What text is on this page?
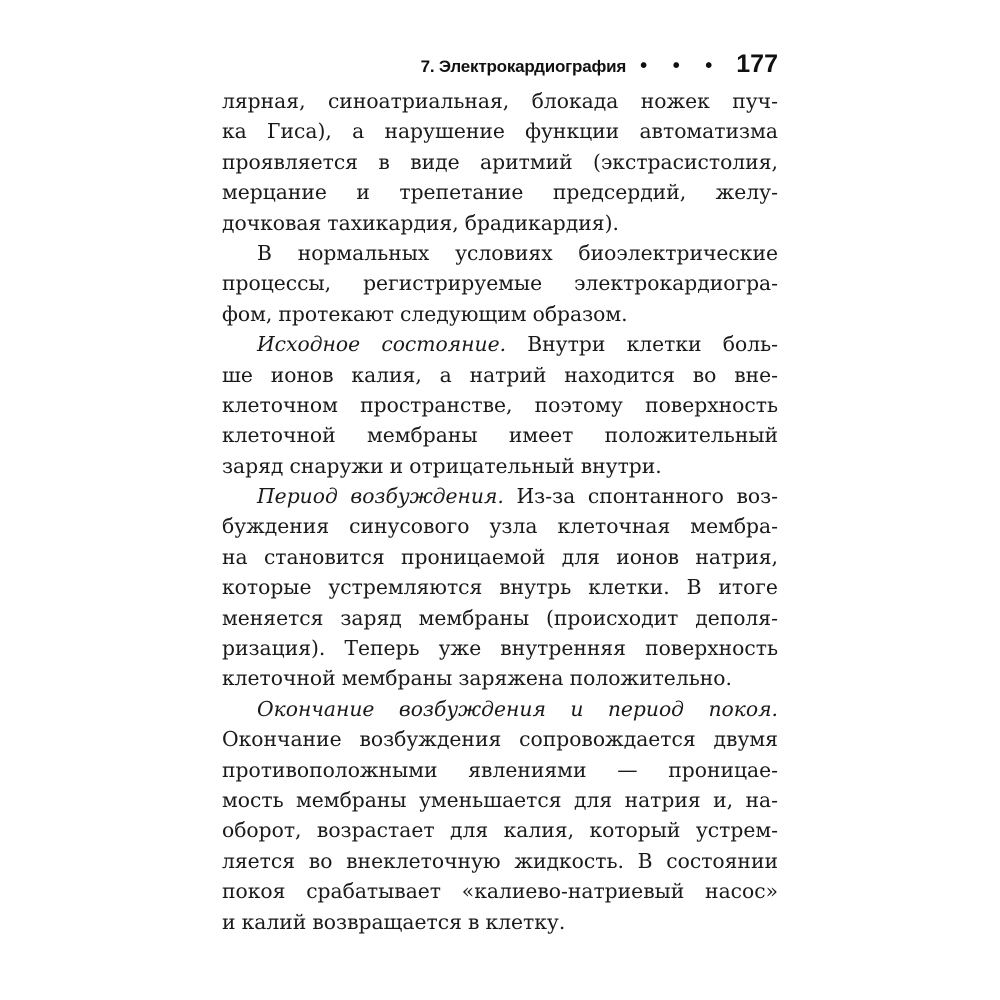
7. Электрокардиография • • • 177
лярная, синоатриальная, блокада ножек пуч-
ка Гиса), а нарушение функции автоматизма
проявляется в виде аритмий (экстрасистолия,
мерцание и трепетание предсердий, желу-
дочковая тахикардия, брадикардия).
В нормальных условиях биоэлектрические
процессы, регистрируемые электрокардиогра-
фом, протекают следующим образом.
Исходное состояние. Внутри клетки боль-
ше ионов калия, а натрий находится во вне-
клеточном пространстве, поэтому поверхность
клеточной мембраны имеет положительный
заряд снаружи и отрицательный внутри.
Период возбуждения. Из-за спонтанного воз-
буждения синусового узла клеточная мембра-
на становится проницаемой для ионов натрия,
которые устремляются внутрь клетки. В итоге
меняется заряд мембраны (происходит деполя-
ризация). Теперь уже внутренняя поверхность
клеточной мембраны заряжена положительно.
Окончание возбуждения и период покоя.
Окончание возбуждения сопровождается двумя
противоположными явлениями — проницае-
мость мембраны уменьшается для натрия и, на-
оборот, возрастает для калия, который устрем-
ляется во внеклеточную жидкость. В состоянии
покоя срабатывает «калиево-натриевый насос»
и калий возвращается в клетку.
